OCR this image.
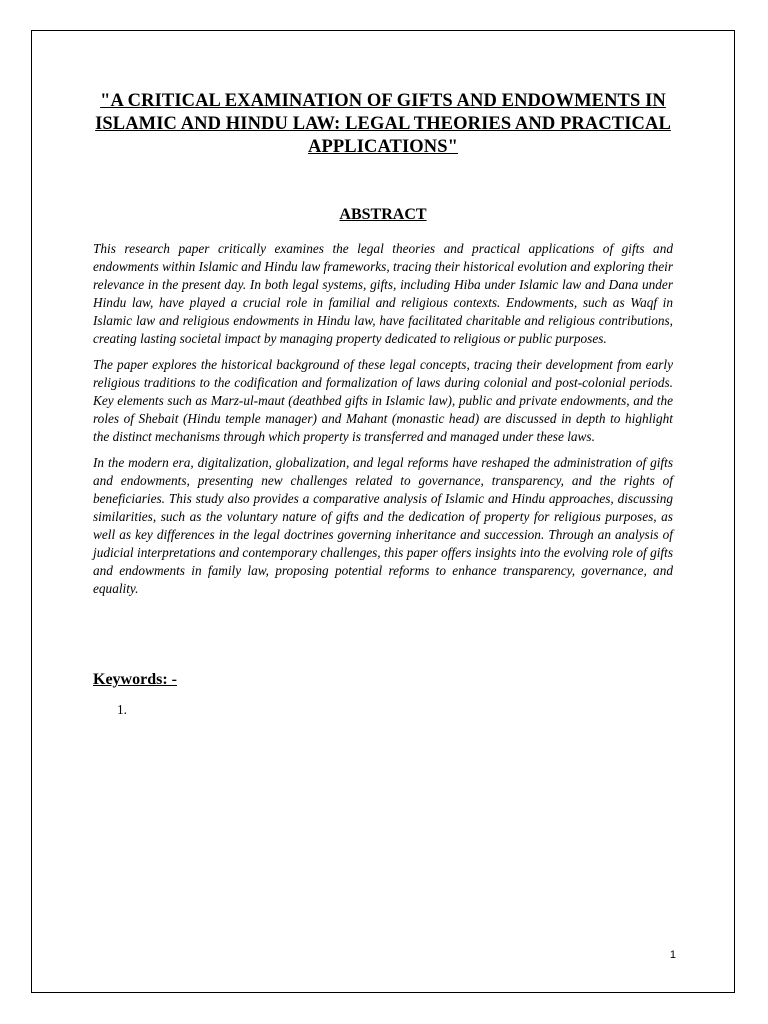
"A CRITICAL EXAMINATION OF GIFTS AND ENDOWMENTS IN ISLAMIC AND HINDU LAW: LEGAL THEORIES AND PRACTICAL APPLICATIONS"
ABSTRACT

This research paper critically examines the legal theories and practical applications of gifts and endowments within Islamic and Hindu law frameworks, tracing their historical evolution and exploring their relevance in the present day. In both legal systems, gifts, including Hiba under Islamic law and Dana under Hindu law, have played a crucial role in familial and religious contexts. Endowments, such as Waqf in Islamic law and religious endowments in Hindu law, have facilitated charitable and religious contributions, creating lasting societal impact by managing property dedicated to religious or public purposes.

The paper explores the historical background of these legal concepts, tracing their development from early religious traditions to the codification and formalization of laws during colonial and post-colonial periods. Key elements such as Marz-ul-maut (deathbed gifts in Islamic law), public and private endowments, and the roles of Shebait (Hindu temple manager) and Mahant (monastic head) are discussed in depth to highlight the distinct mechanisms through which property is transferred and managed under these laws.

In the modern era, digitalization, globalization, and legal reforms have reshaped the administration of gifts and endowments, presenting new challenges related to governance, transparency, and the rights of beneficiaries. This study also provides a comparative analysis of Islamic and Hindu approaches, discussing similarities, such as the voluntary nature of gifts and the dedication of property for religious purposes, as well as key differences in the legal doctrines governing inheritance and succession. Through an analysis of judicial interpretations and contemporary challenges, this paper offers insights into the evolving role of gifts and endowments in family law, proposing potential reforms to enhance transparency, governance, and equality.

Keywords: -
1.
1
